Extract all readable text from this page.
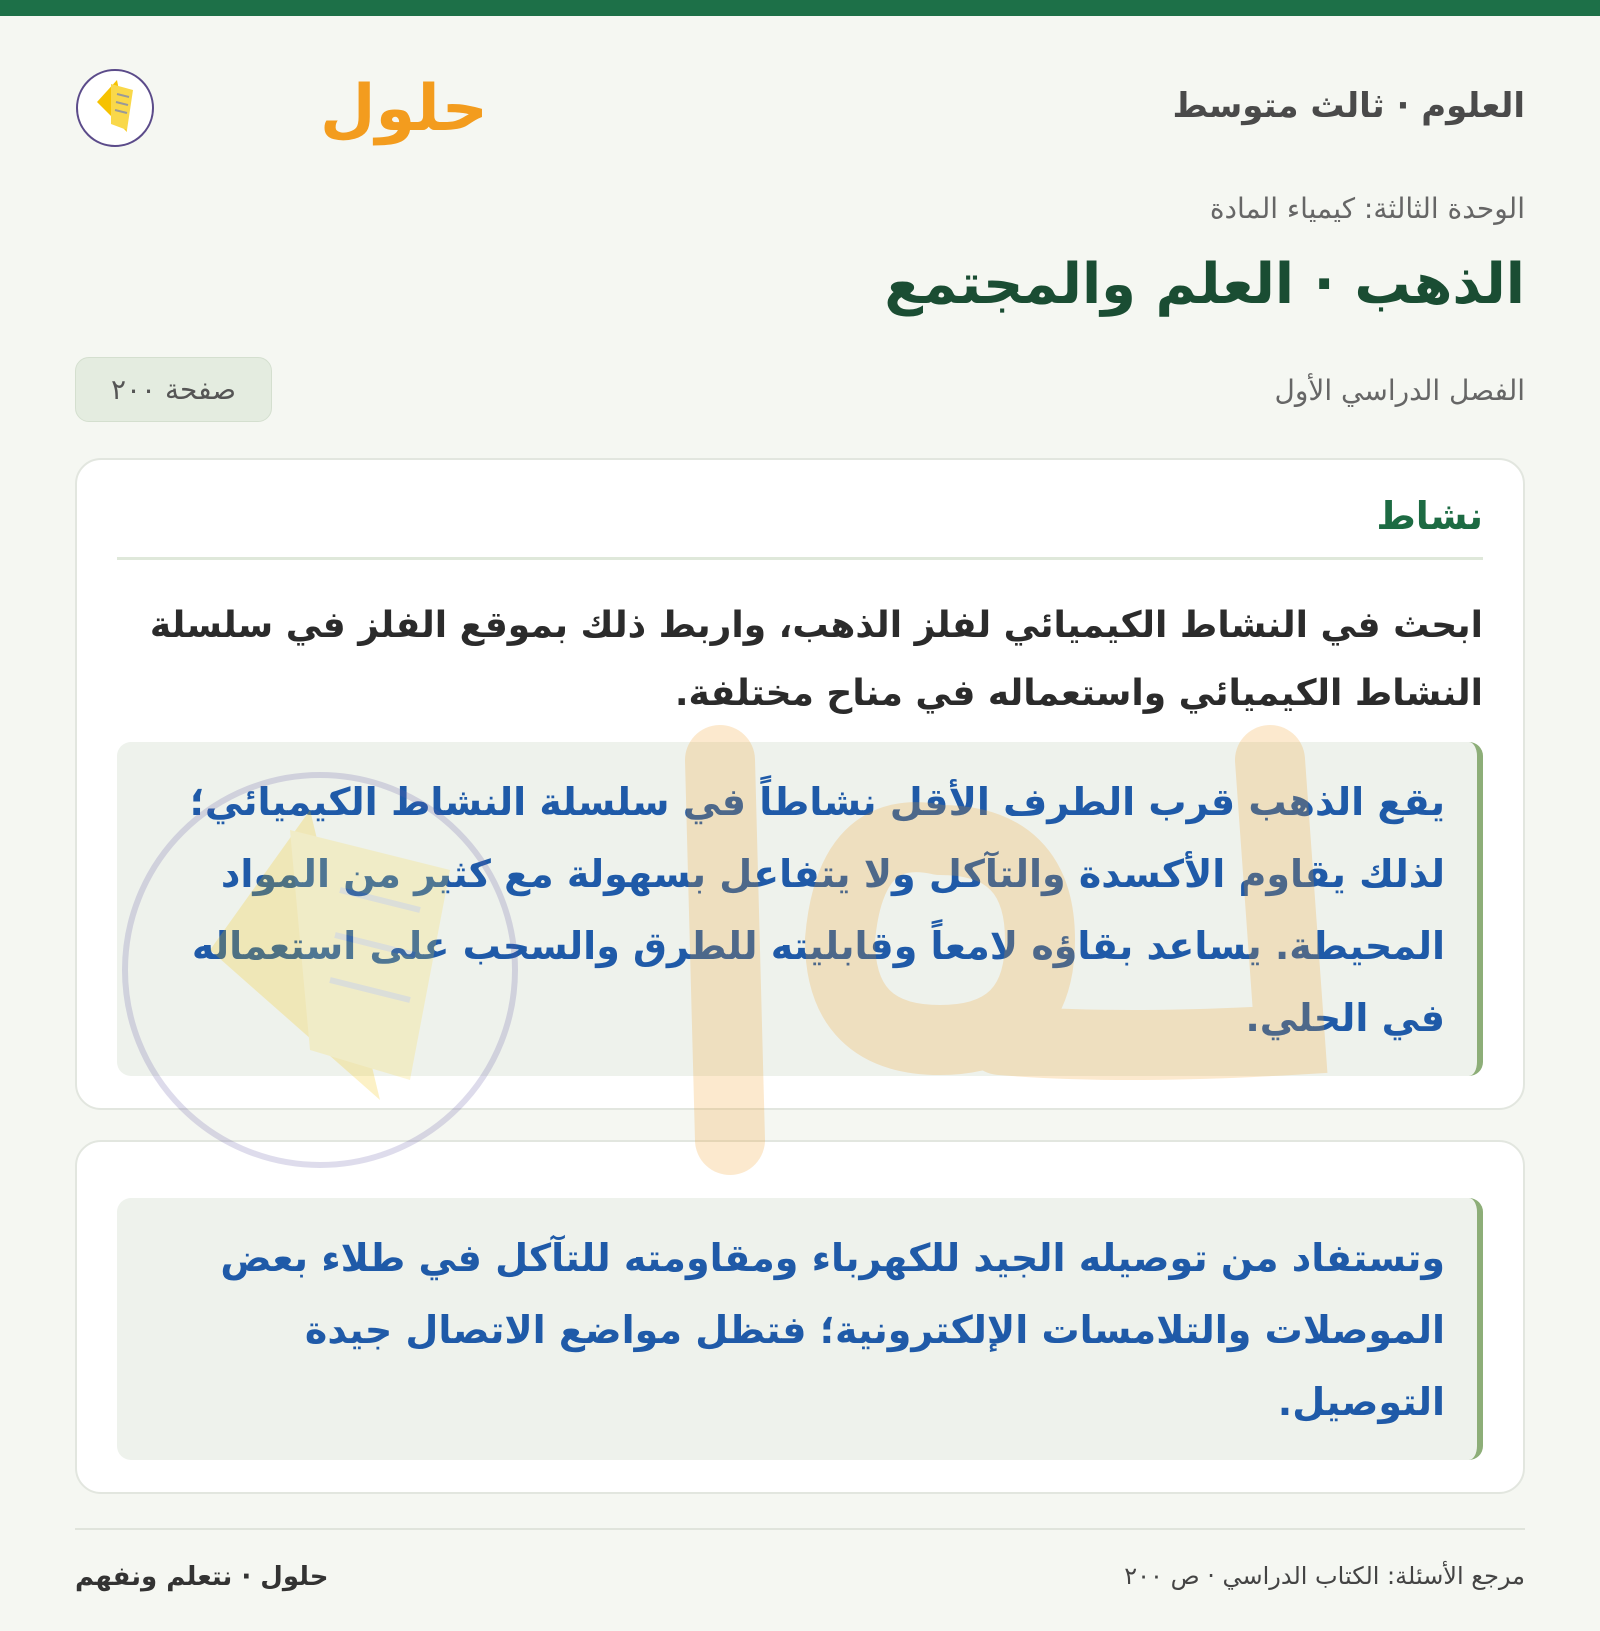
العلوم · ثالث متوسط
حلول
الوحدة الثالثة: كيمياء المادة
الذهب · العلم والمجتمع
الفصل الدراسي الأول
صفحة ٢٠٠
نشاط
ابحث في النشاط الكيميائي لفلز الذهب، واربط ذلك بموقع الفلز في سلسلة النشاط الكيميائي واستعماله في مناح مختلفة.
يقع الذهب قرب الطرف الأقل نشاطاً في سلسلة النشاط الكيميائي؛ لذلك يقاوم الأكسدة والتآكل ولا يتفاعل بسهولة مع كثير من المواد المحيطة. يساعد بقاؤه لامعاً وقابليته للطرق والسحب على استعماله في الحلي.
وتستفاد من توصيله الجيد للكهرباء ومقاومته للتآكل في طلاء بعض الموصلات والتلامسات الإلكترونية؛ فتظل مواضع الاتصال جيدة التوصيل.
مرجع الأسئلة: الكتاب الدراسي · ص ٢٠٠
حلول · نتعلم ونفهم
